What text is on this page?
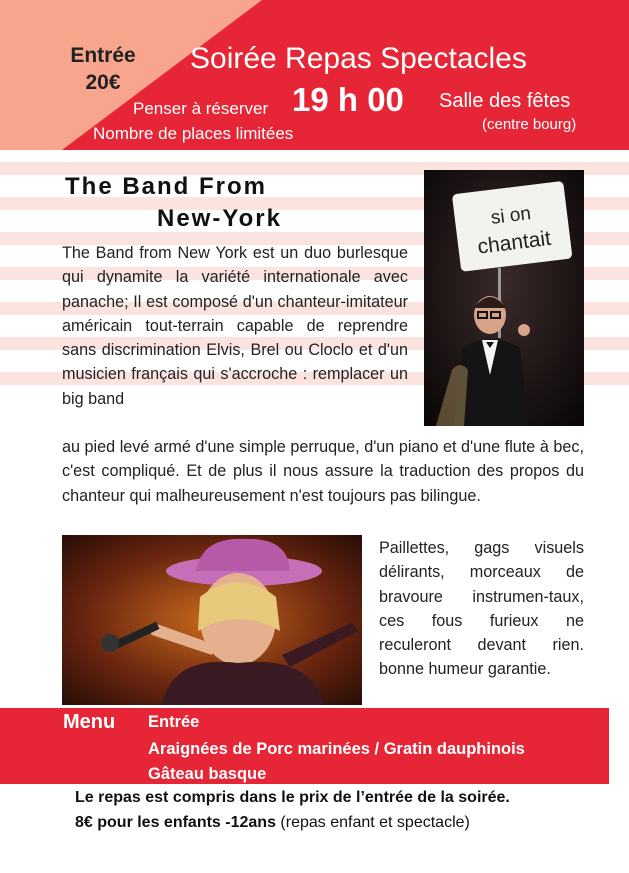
Entrée
20€
Soirée Repas Spectacles
Penser à réserver
Nombre de places limitées
19 h 00 Salle des fêtes
(centre bourg)
The Band From
New-York
The Band from New York est un duo burlesque qui dynamite la variété internationale avec panache; Il est composé d'un chanteur-imitateur américain tout-terrain capable de reprendre sans discrimination Elvis, Brel ou Cloclo et d'un musicien français qui s'accroche : remplacer un big band
au pied levé armé d'une simple perruque, d'un piano et d'une flute à bec, c'est compliqué. Et de plus il nous assure la traduction des propos du chanteur qui malheureusement n'est toujours pas bilingue.
si on
chantait
Paillettes, gags visuels délirants, morceaux de bravoure instrumen-taux, ces fous furieux ne reculeront devant rien. bonne humeur garantie.
Menu Entrée
Araignées de Porc marinées / Gratin dauphinois
Gâteau basque
Le repas est compris dans le prix de l’entrée de la soirée.
8€ pour les enfants -12ans (repas enfant et spectacle)
